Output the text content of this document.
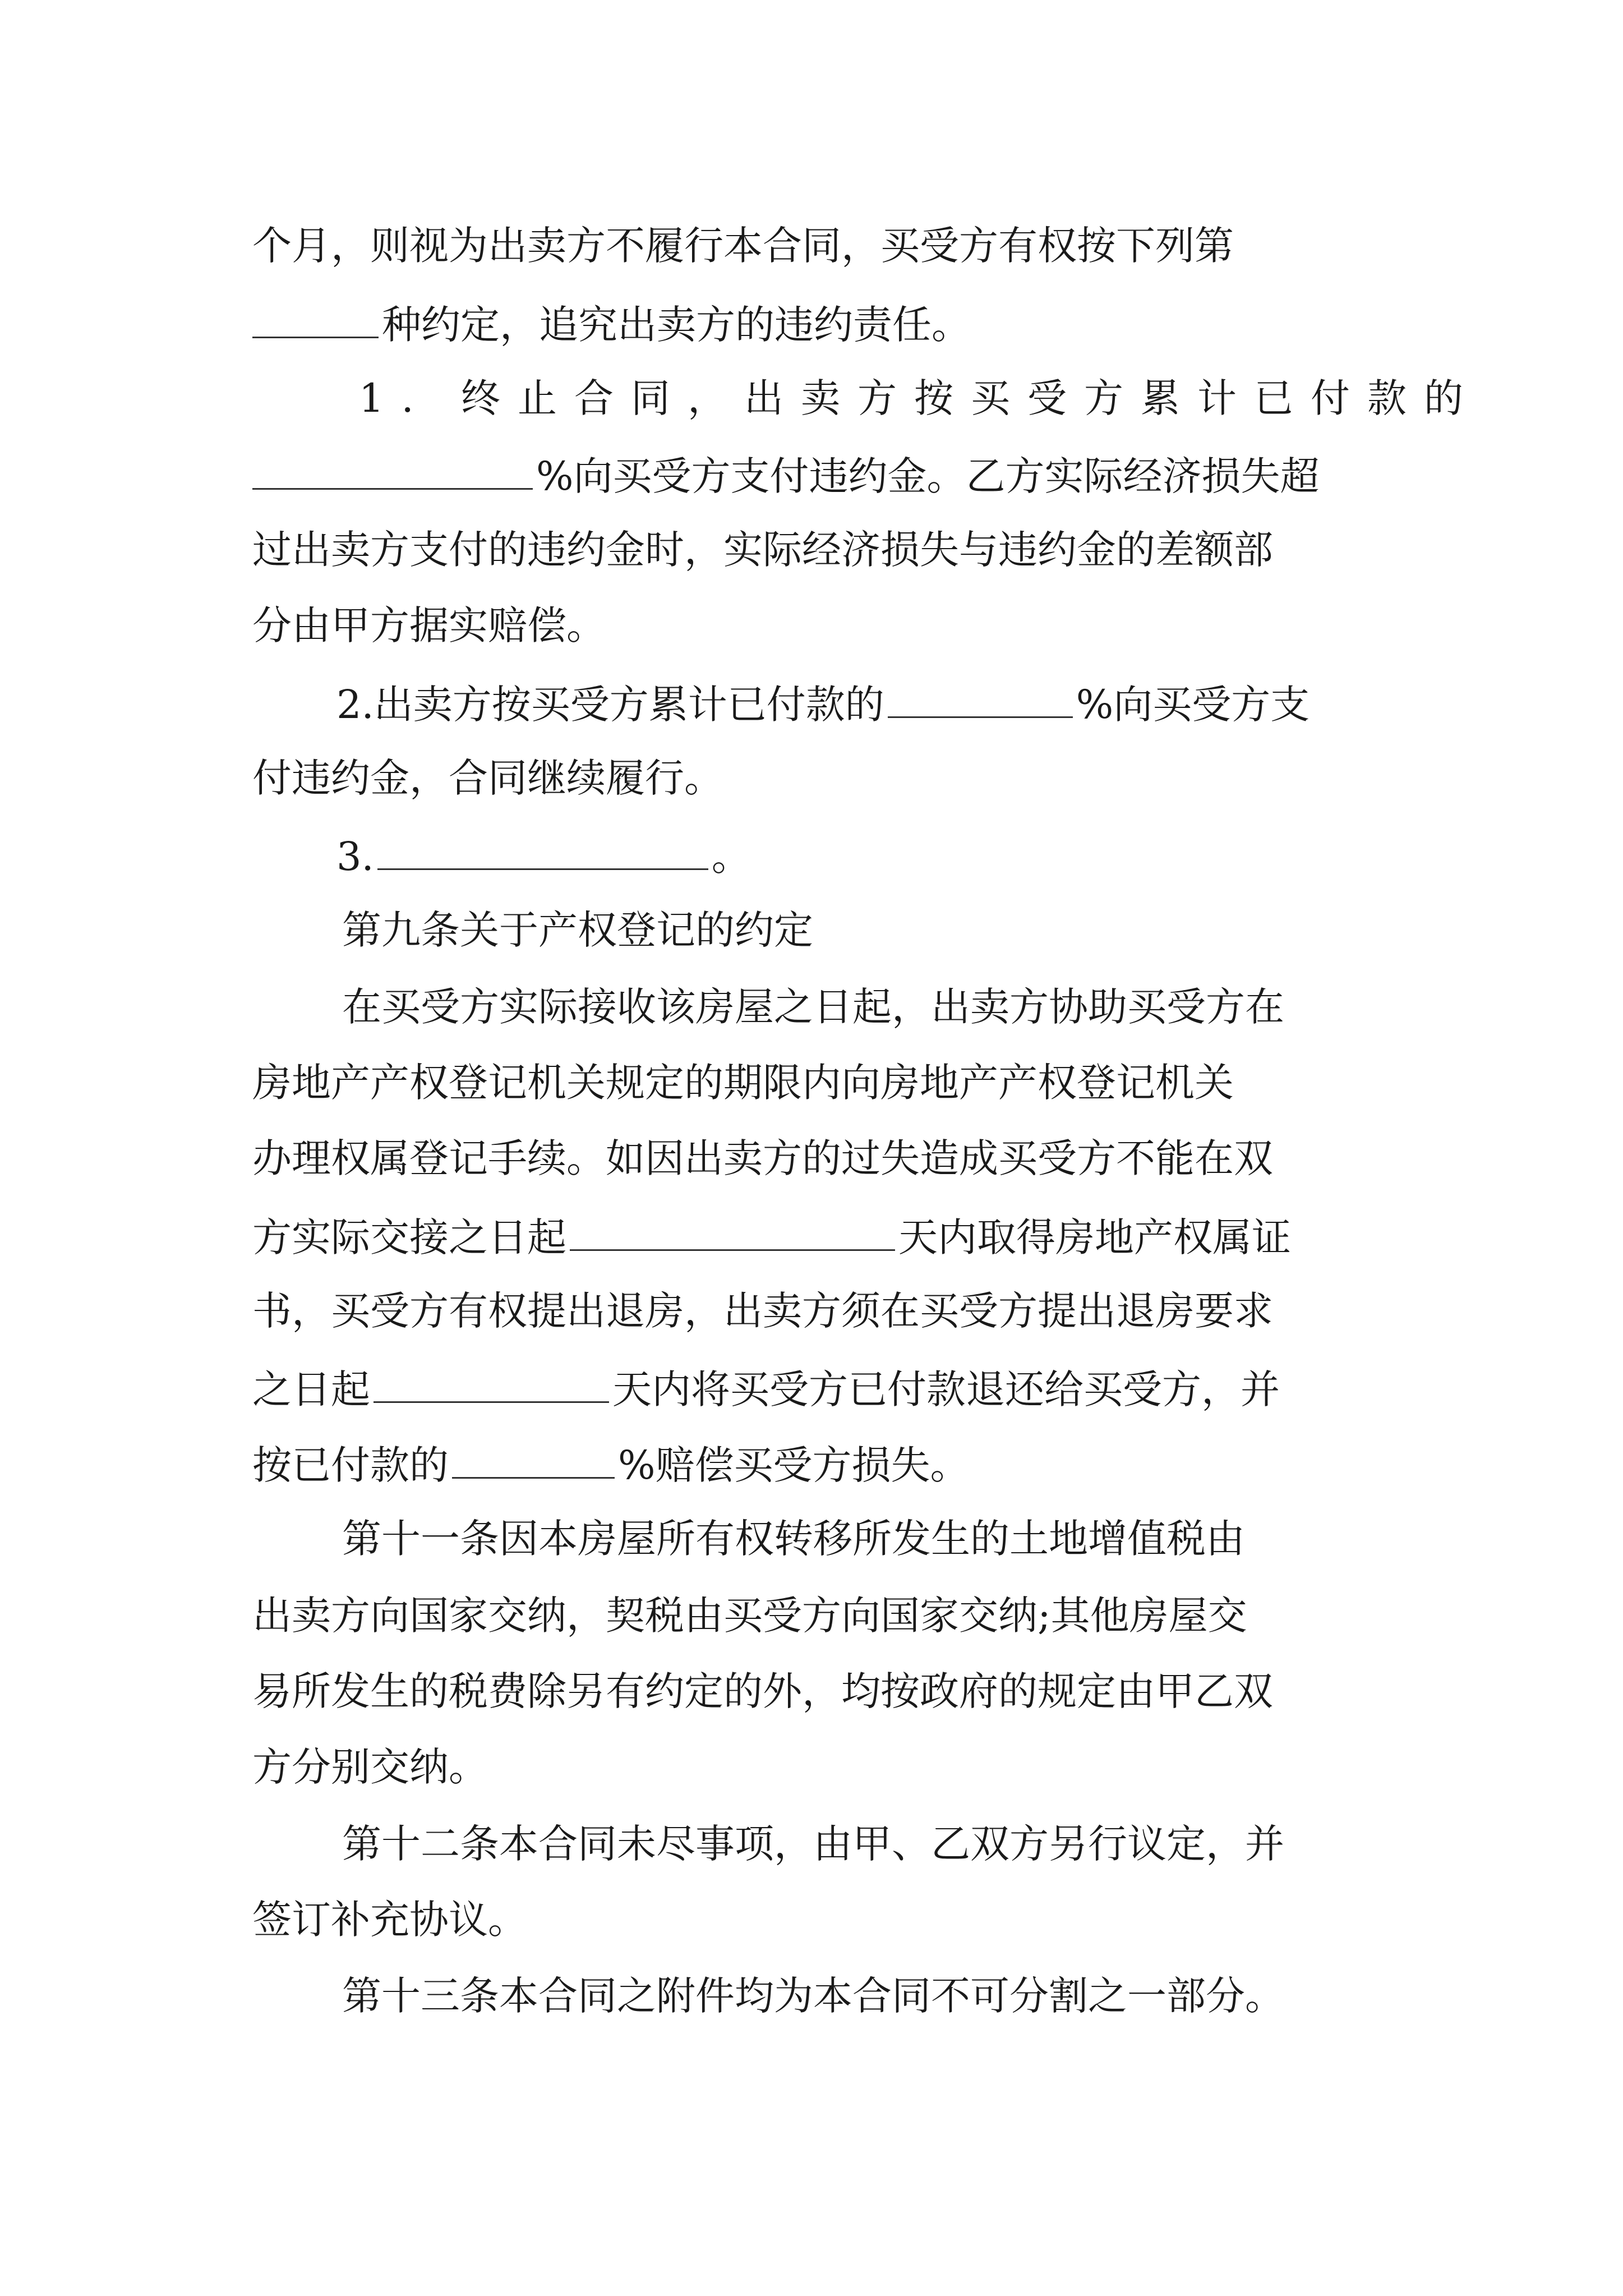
个月，则视为出卖方不履行本合同，买受方有权按下列第
种约定，追究出卖方的违约责任。
1. 终止合同，出卖方按买受方累计已付款的
%向买受方支付违约金。乙方实际经济损失超
过出卖方支付的违约金时，实际经济损失与违约金的差额部
分由甲方据实赔偿。
2.出卖方按买受方累计已付款的	%向买受方支
付违约金，合同继续履行。
3.	。
第九条关于产权登记的约定
在买受方实际接收该房屋之日起，出卖方协助买受方在
房地产产权登记机关规定的期限内向房地产产权登记机关
办理权属登记手续。如因出卖方的过失造成买受方不能在双
方实际交接之日起	天内取得房地产权属证
书，买受方有权提出退房，出卖方须在买受方提出退房要求
之日起	天内将买受方已付款退还给买受方，并
按已付款的	%赔偿买受方损失。
第十一条因本房屋所有权转移所发生的土地增值税由
出卖方向国家交纳，契税由买受方向国家交纳;其他房屋交
易所发生的税费除另有约定的外，均按政府的规定由甲乙双
方分别交纳。
第十二条本合同未尽事项，由甲、乙双方另行议定，并
签订补充协议。
第十三条本合同之附件均为本合同不可分割之一部分。
